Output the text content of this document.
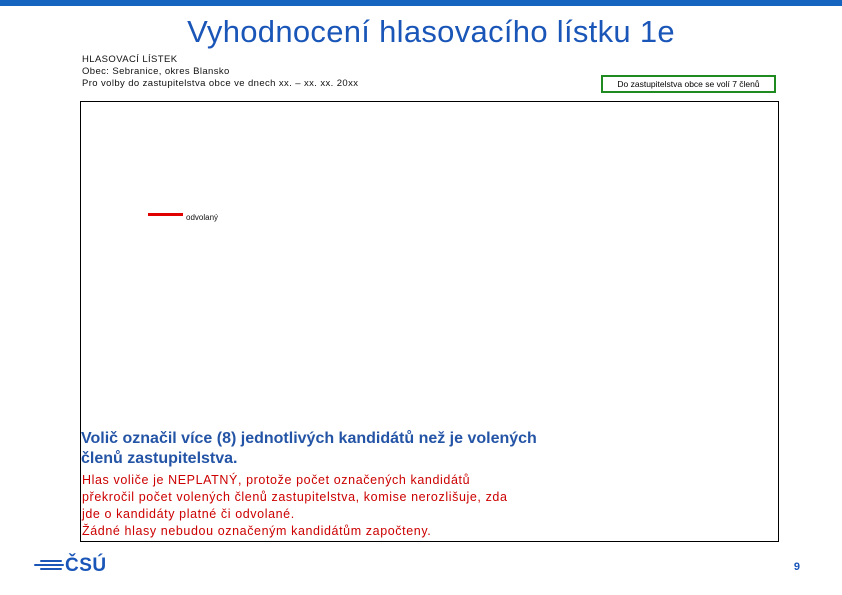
Vyhodnocení hlasovacího lístku 1e
HLASOVACÍ LÍSTEK
Obec: Sebranice, okres Blansko
Pro volby do zastupitelstva obce ve dnech xx. – xx. xx. 20xx	Do zastupitelstva obce se volí 7 členů
odvolaný
Volič označil více (8) jednotlivých kandidátů než je volených členů zastupitelstva.
Hlas voliče je NEPLATNÝ, protože počet označených kandidátů
překročil počet volených členů zastupitelstva, komise nerozlišuje, zda
jde o kandidáty platné či odvolané.
Žádné hlasy nebudou označeným kandidátům započteny.
ČSÚ	9
